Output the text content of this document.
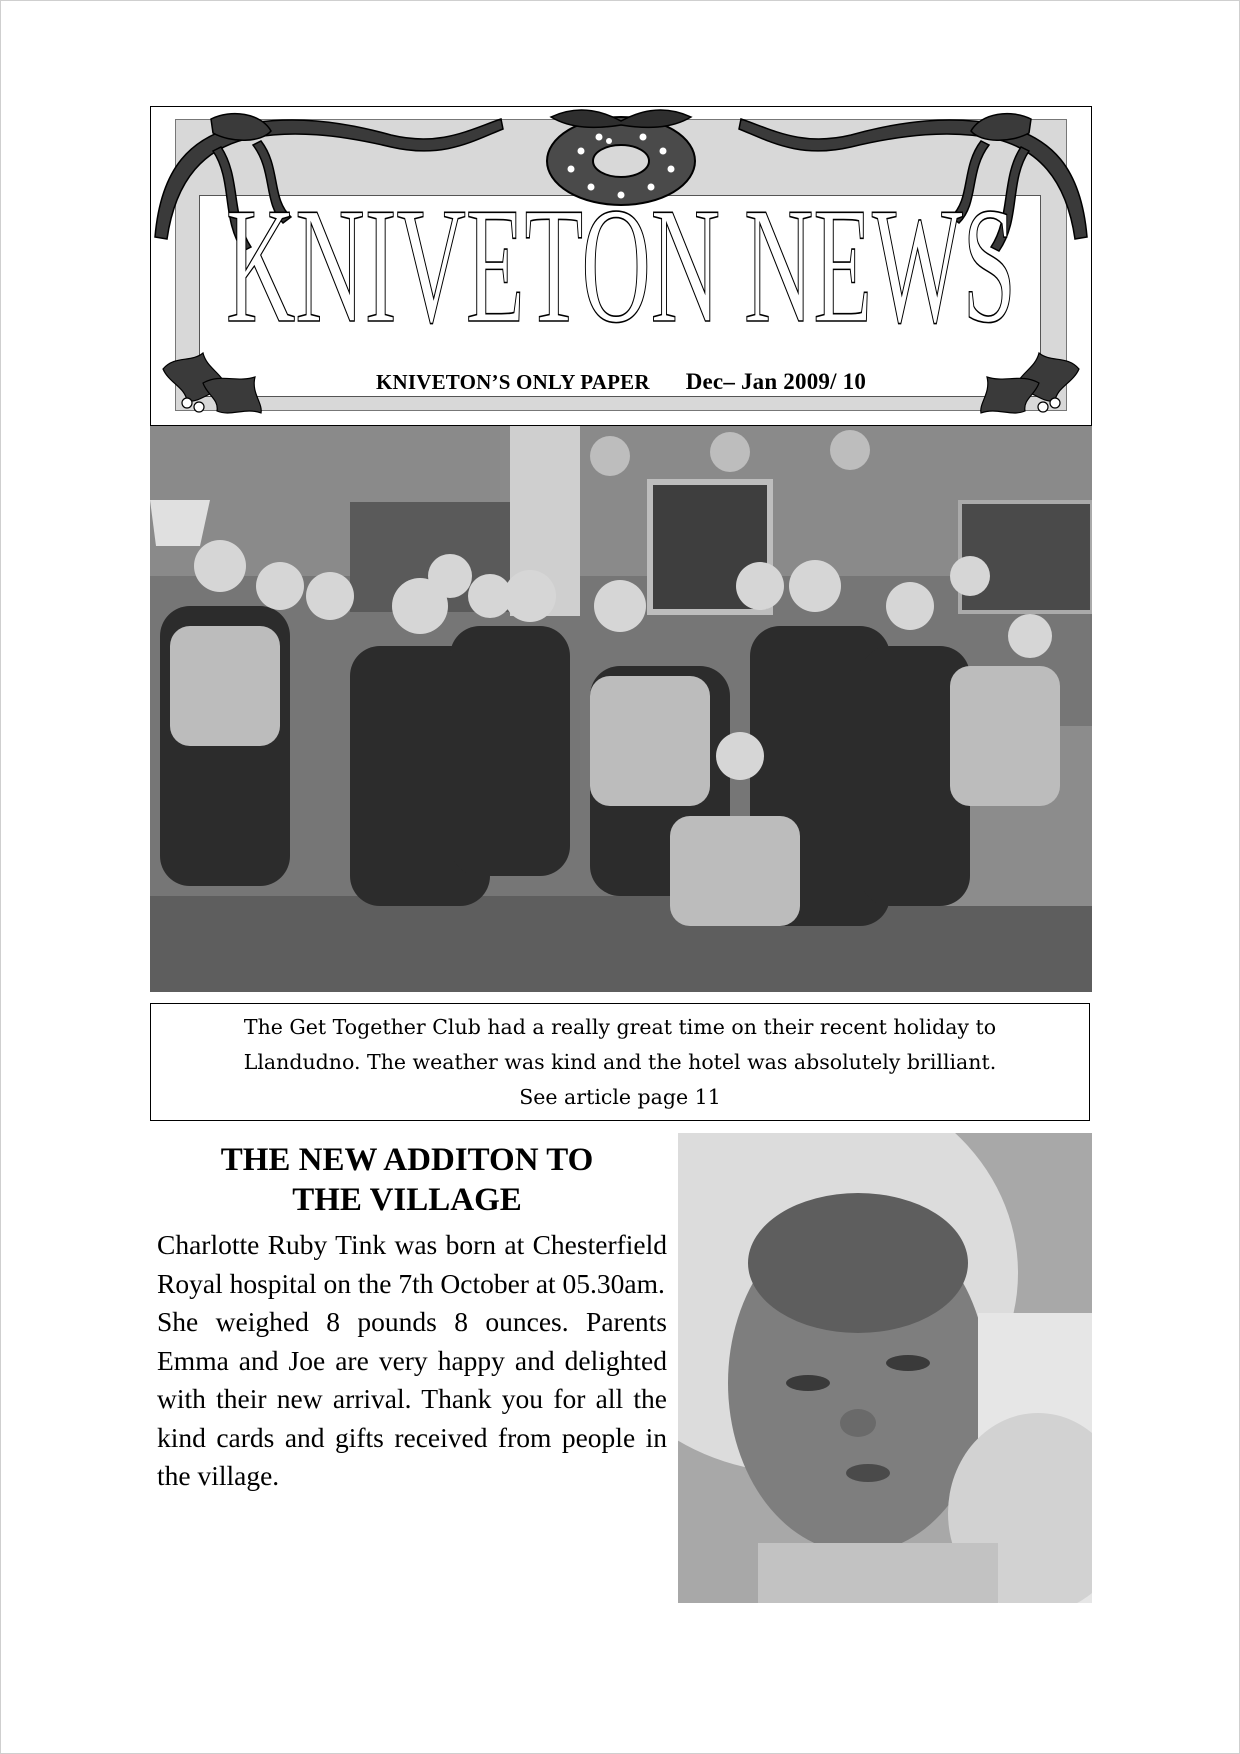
KNIVETON NEWS
KNIVETON’S ONLY PAPER Dec– Jan 2009/ 10

The Get Together Club had a really great time on their recent holiday to

Llandudno. The weather was kind and the hotel was absolutely brilliant.

See article page 11

THE NEW ADDITON TO
THE VILLAGE

Charlotte Ruby Tink was born at Chesterfield Royal hospital on the 7th October at 05.30am.

She weighed 8 pounds 8 ounces. Parents Emma and Joe are very happy and delighted with their new arrival. Thank you for all the kind cards and gifts received from people in the village.
